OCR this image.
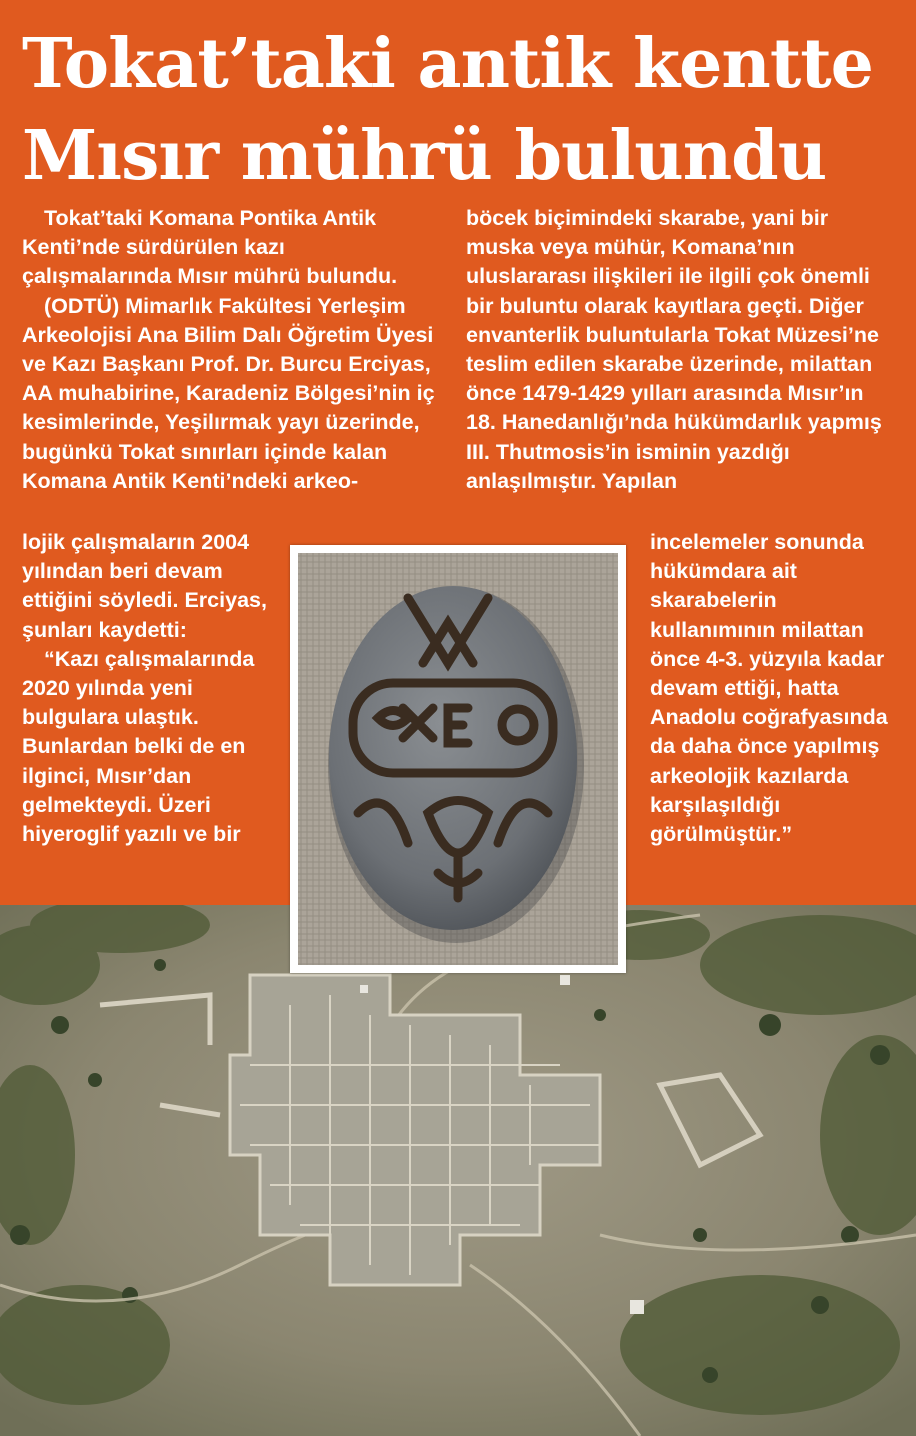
Tokat’taki antik kentte
Mısır mührü bulundu

Tokat’taki Komana Pontika Antik Kenti’nde sürdürülen kazı çalışmalarında Mısır mührü bulundu.

(ODTÜ) Mimarlık Fakültesi Yerleşim Arkeolojisi Ana Bilim Dalı Öğretim Üyesi ve Kazı Başkanı Prof. Dr. Burcu Erciyas, AA muhabirine, Karadeniz Bölgesi’nin iç kesimlerinde, Yeşilırmak yayı üzerinde, bugünkü Tokat sınırları içinde kalan Komana Antik Kenti’ndeki arkeo-

lojik çalışmaların 2004 yılından beri devam ettiğini söyledi. Erciyas, şunları kaydetti:

“Kazı çalışmalarında 2020 yılında yeni bulgulara ulaştık. Bunlardan belki de en ilginci, Mısır’dan gelmekteydi. Üzeri hiyeroglif yazılı ve bir

böcek biçimindeki skarabe, yani bir muska veya mühür, Komana’nın uluslararası ilişkileri ile ilgili çok önemli bir buluntu olarak kayıtlara geçti. Diğer envanterlik buluntularla Tokat Müzesi’ne teslim edilen skarabe üzerinde, milattan önce 1479-1429 yılları arasında Mısır’ın 18. Hanedanlığı’nda hükümdarlık yapmış III. Thutmosis’in isminin yazdığı anlaşılmıştır. Yapılan

incelemeler sonunda hükümdara ait skarabelerin kullanımının milattan önce 4-3. yüzyıla kadar devam ettiği, hatta Anadolu coğrafyasında da daha önce yapılmış arkeolojik kazılarda karşılaşıldığı görülmüştür.”
